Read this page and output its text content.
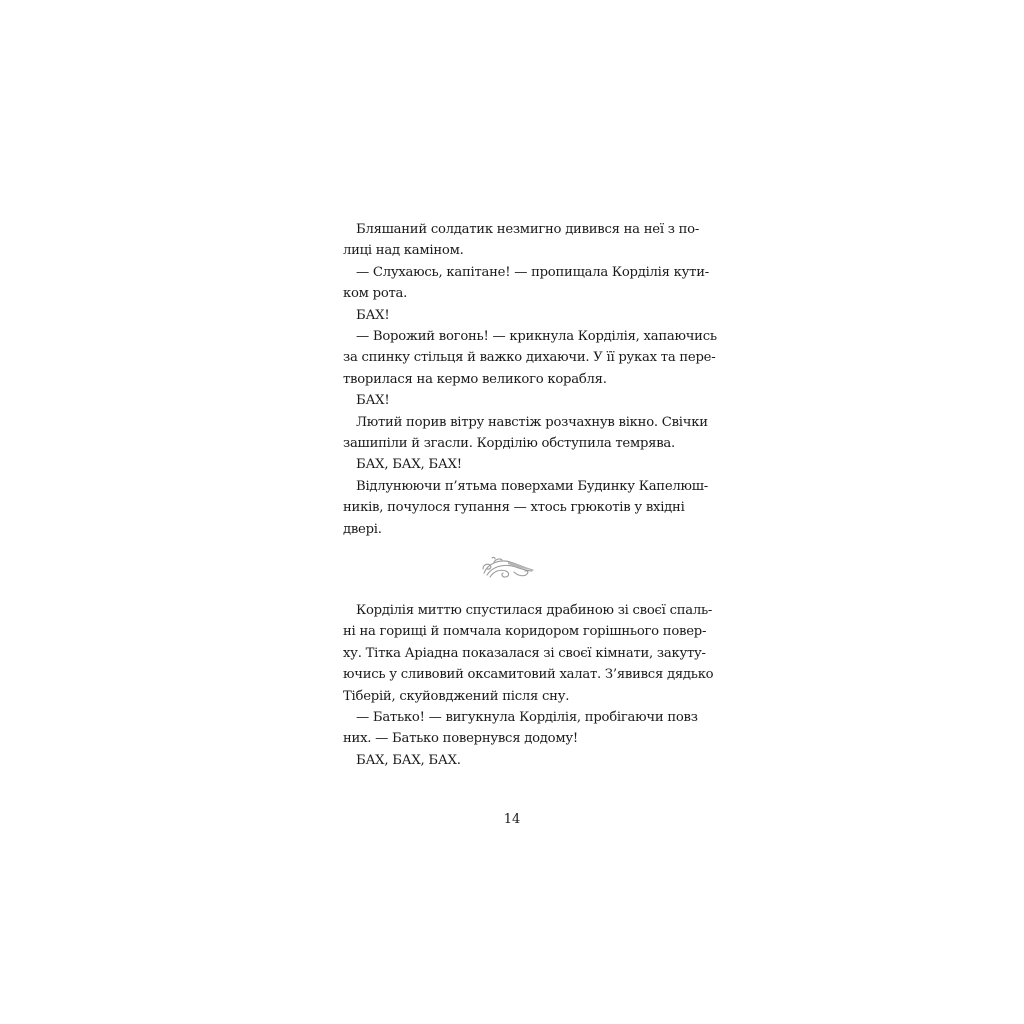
Бляшаний солдатик незмигно дивився на неї з по-
лиці над каміном.
— Слухаюсь, капітане! — пропищала Корділія кути-
ком рота.
БАХ!
— Ворожий вогонь! — крикнула Корділія, хапаючись
за спинку стільця й важко дихаючи. У її руках та пере-
творилася на кермо великого корабля.
БАХ!
Лютий порив вітру навстіж розчахнув вікно. Свічки
зашипіли й згасли. Корділію обступила темрява.
БАХ, БАХ, БАХ!
Відлунюючи п’ятьма поверхами Будинку Капелюш-
ників, почулося гупання — хтось грюкотів у вхідні
двері.
Корділія миттю спустилася драбиною зі своєї спаль-
ні на горищі й помчала коридором горішнього повер-
ху. Тітка Аріадна показалася зі своєї кімнати, закуту-
ючись у сливовий оксамитовий халат. З’явився дядько
Тіберій, скуйовджений після сну.
— Батько! — вигукнула Корділія, пробігаючи повз
них. — Батько повернувся додому!
БАХ, БАХ, БАХ.
14
